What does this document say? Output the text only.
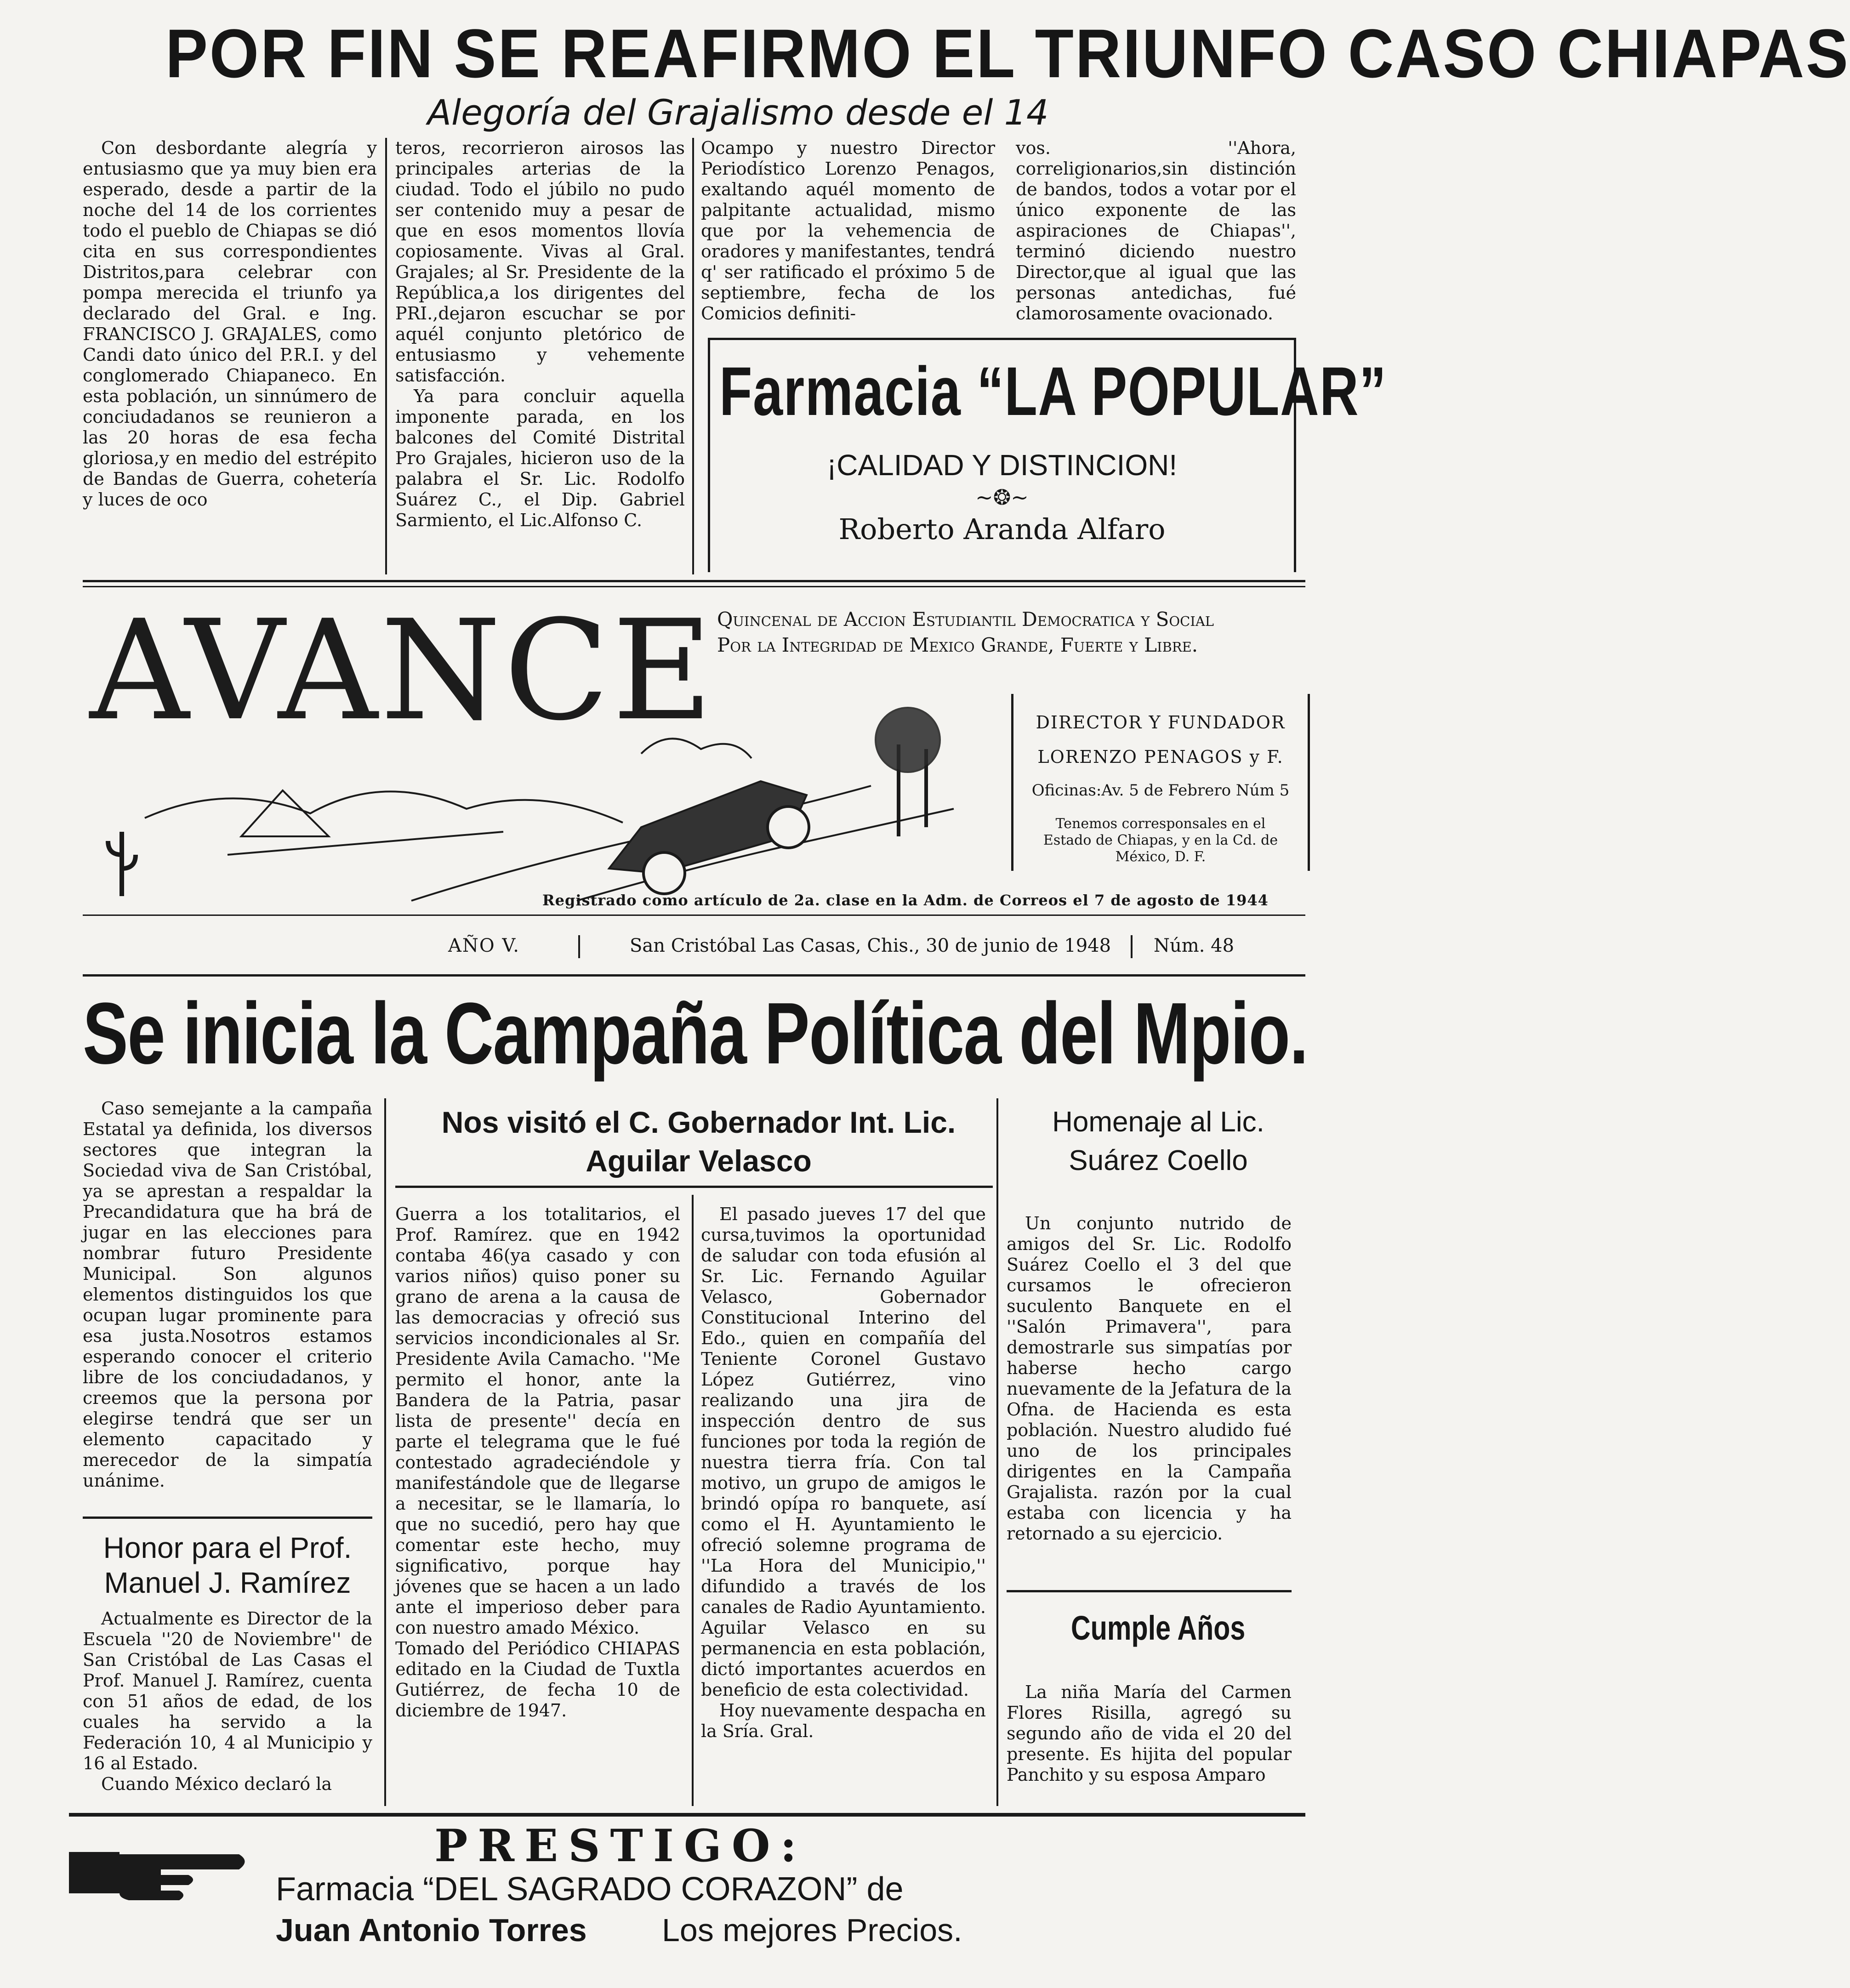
POR FIN SE REAFIRMO EL TRIUNFO CASO CHIAPAS
Alegoría del Grajalismo desde el 14

Con desbordante alegría y entusiasmo que ya muy bien era esperado, desde a partir de la noche del 14 de los corrientes todo el pueblo de Chiapas se dió cita en sus correspondientes Distritos,para celebrar con pompa merecida el triunfo ya declarado del Gral. e Ing. FRANCISCO J. GRAJALES, como Candi dato único del P.R.I. y del conglomerado Chiapaneco. En esta población, un sinnúmero de conciudadanos se reunieron a las 20 horas de esa fecha gloriosa,y en medio del estrépito de Bandas de Guerra, cohetería y luces de oco

teros, recorrieron airosos las principales arterias de la ciudad. Todo el júbilo no pudo ser contenido muy a pesar de que en esos momentos llovía copiosamente. Vivas al Gral. Grajales; al Sr. Presidente de la República,a los dirigentes del PRI.,dejaron escuchar se por aquél conjunto pletórico de entusiasmo y vehemente satisfacción.

Ya para concluir aquella imponente parada, en los balcones del Comité Distrital Pro Grajales, hicieron uso de la palabra el Sr. Lic. Rodolfo Suárez C., el Dip. Gabriel Sarmiento, el Lic.Alfonso C.

Ocampo y nuestro Director Periodístico Lorenzo Penagos, exaltando aquél momento de palpitante actualidad, mismo que por la vehemencia de oradores y manifestantes, tendrá q' ser ratificado el próximo 5 de septiembre, fecha de los Comicios definiti-

vos. ''Ahora, correligionarios,sin distinción de bandos, todos a votar por el único exponente de las aspiraciones de Chiapas'', terminó diciendo nuestro Director,que al igual que las personas antedichas, fué clamorosamente ovacionado.

Farmacia “LA POPULAR”
¡CALIDAD Y DISTINCION!
~❂~
Roberto Aranda Alfaro
AVANCE Quincenal de Accion Estudiantil Democratica y Social
Por la Integridad de Mexico Grande, Fuerte y Libre.
DIRECTOR Y FUNDADOR
LORENZO PENAGOS y F.
Oficinas:Av. 5 de Febrero Núm 5
Tenemos corresponsales en el Estado de Chiapas, y en la Cd. de México, D. F.
Registrado como artículo de 2a. clase en la Adm. de Correos el 7 de agosto de 1944
AÑO V.	San Cristóbal Las Casas, Chis., 30 de junio de 1948 Núm. 48
Se inicia la Campaña Política del Mpio.

Caso semejante a la campaña Estatal ya definida, los diversos sectores que integran la Sociedad viva de San Cristóbal, ya se aprestan a respaldar la Precandidatura que ha brá de jugar en las elecciones para nombrar futuro Presidente Municipal. Son algunos elementos distinguidos los que ocupan lugar prominente para esa justa.Nosotros estamos esperando conocer el criterio libre de los conciudadanos, y creemos que la persona por elegirse tendrá que ser un elemento capacitado y merecedor de la simpatía unánime.

Honor para el Prof. Manuel J. Ramírez

Actualmente es Director de la Escuela ''20 de Noviembre'' de San Cristóbal de Las Casas el Prof. Manuel J. Ramírez, cuenta con 51 años de edad, de los cuales ha servido a la Federación 10, 4 al Municipio y 16 al Estado.

Cuando México declaró la

Nos visitó el C. Gobernador Int. Lic. Aguilar Velasco

Guerra a los totalitarios, el Prof. Ramírez. que en 1942 contaba 46(ya casado y con varios niños) quiso poner su grano de arena a la causa de las democracias y ofreció sus servicios incondicionales al Sr. Presidente Avila Camacho. ''Me permito el honor, ante la Bandera de la Patria, pasar lista de presente'' decía en parte el telegrama que le fué contestado agradeciéndole y manifestándole que de llegarse a necesitar, se le llamaría, lo que no sucedió, pero hay que comentar este hecho, muy significativo, porque hay jóvenes que se hacen a un lado ante el imperioso deber para con nuestro amado México.

Tomado del Periódico CHIAPAS editado en la Ciudad de Tuxtla Gutiérrez, de fecha 10 de diciembre de 1947.

El pasado jueves 17 del que cursa,tuvimos la oportunidad de saludar con toda efusión al Sr. Lic. Fernando Aguilar Velasco, Gobernador Constitucional Interino del Edo., quien en compañía del Teniente Coronel Gustavo López Gutiérrez, vino realizando una jira de inspección dentro de sus funciones por toda la región de nuestra tierra fría. Con tal motivo, un grupo de amigos le brindó opípa ro banquete, así como el H. Ayuntamiento le ofreció solemne programa de ''La Hora del Municipio,'' difundido a través de los canales de Radio Ayuntamiento. Aguilar Velasco en su permanencia en esta población, dictó importantes acuerdos en beneficio de esta colectividad.

Hoy nuevamente despacha en la Sría. Gral.

Homenaje al Lic. Suárez Coello

Un conjunto nutrido de amigos del Sr. Lic. Rodolfo Suárez Coello el 3 del que cursamos le ofrecieron suculento Banquete en el ''Salón Primavera'', para demostrarle sus simpatías por haberse hecho cargo nuevamente de la Jefatura de la Ofna. de Hacienda es esta población. Nuestro aludido fué uno de los principales dirigentes en la Campaña Grajalista. razón por la cual estaba con licencia y ha retornado a su ejercicio.

Cumple Años

La niña María del Carmen Flores Risilla, agregó su segundo año de vida el 20 del presente. Es hijita del popular Panchito y su esposa Amparo

PRESTIGO:
Farmacia “DEL SAGRADO CORAZON” de
Juan Antonio Torres Los mejores Precios.
